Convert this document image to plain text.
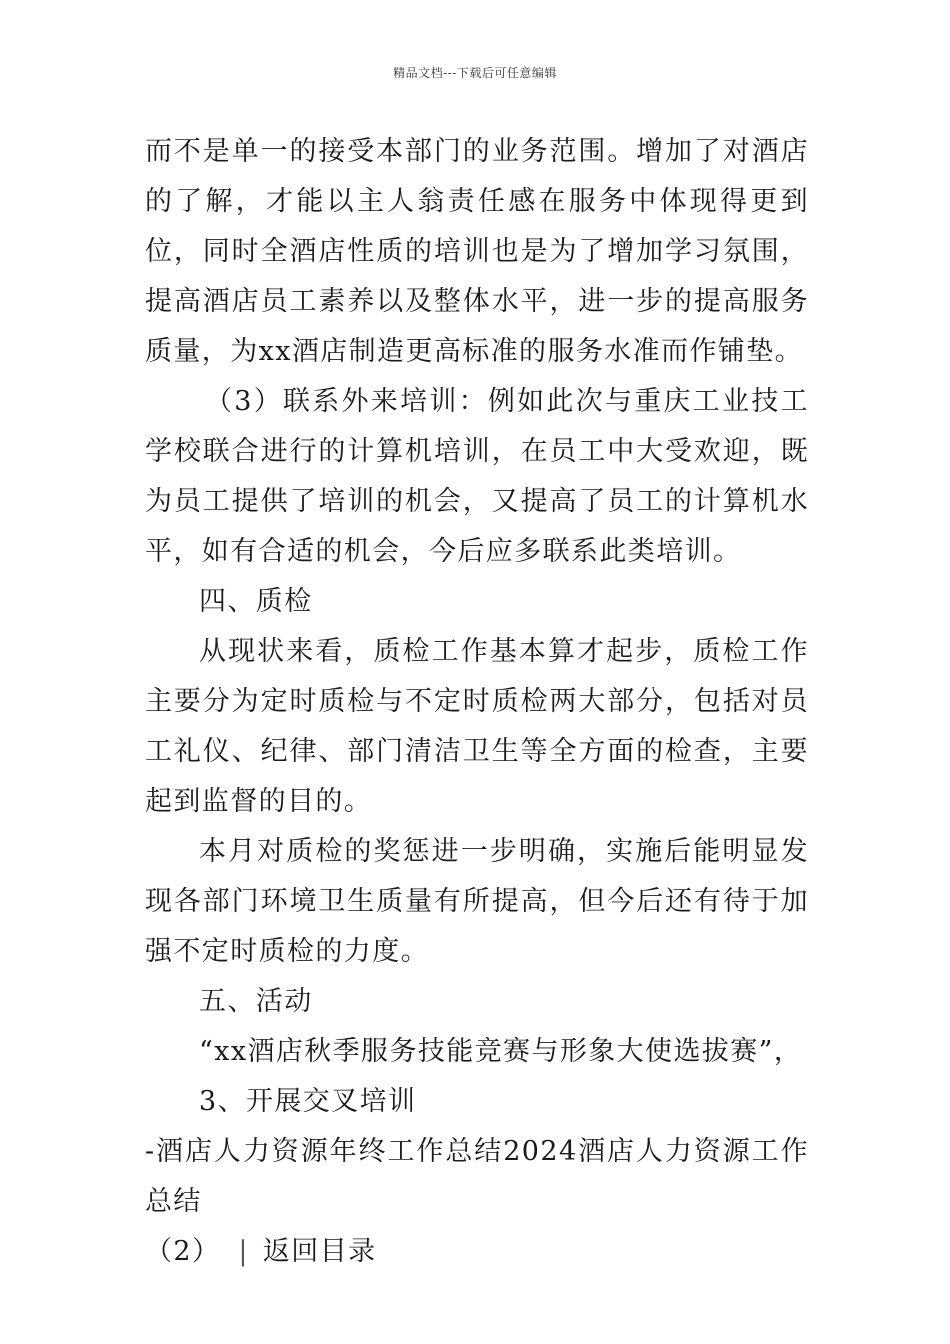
精品文档---下载后可任意编辑

而不是单一的接受本部门的业务范围。增加了对酒店的了解，才能以主人翁责任感在服务中体现得更到位，同时全酒店性质的培训也是为了增加学习氛围，提高酒店员工素养以及整体水平，进一步的提高服务质量，为xx酒店制造更高标准的服务水准而作铺垫。

（3）联系外来培训：例如此次与重庆工业技工学校联合进行的计算机培训，在员工中大受欢迎，既为员工提供了培训的机会，又提高了员工的计算机水平，如有合适的机会，今后应多联系此类培训。

四、质检

从现状来看，质检工作基本算才起步，质检工作主要分为定时质检与不定时质检两大部分，包括对员工礼仪、纪律、部门清洁卫生等全方面的检查，主要起到监督的目的。

本月对质检的奖惩进一步明确，实施后能明显发现各部门环境卫生质量有所提高，但今后还有待于加强不定时质检的力度。

五、活动

“xx酒店秋季服务技能竞赛与形象大使选拔赛”，

3、开展交叉培训

-酒店人力资源年终工作总结2024酒店人力资源工作总结

（2） | 返回目录
